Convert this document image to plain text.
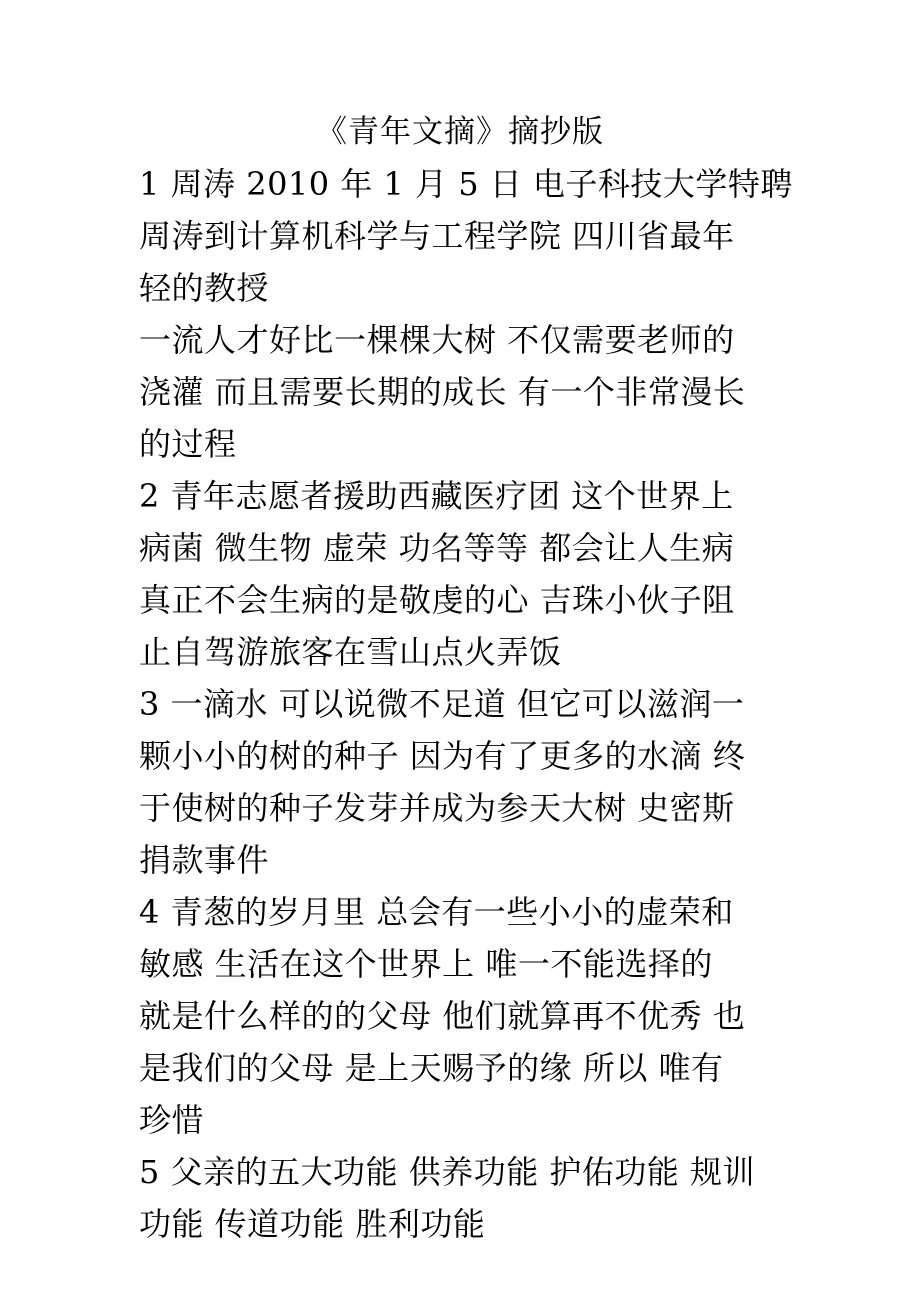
《青年文摘》摘抄版
1 周涛 2010 年 1 月 5 日 电子科技大学特聘
周涛到计算机科学与工程学院 四川省最年
轻的教授
一流人才好比一棵棵大树 不仅需要老师的
浇灌 而且需要长期的成长 有一个非常漫长
的过程
2 青年志愿者援助西藏医疗团 这个世界上
病菌 微生物 虚荣 功名等等 都会让人生病
真正不会生病的是敬虔的心 吉珠小伙子阻
止自驾游旅客在雪山点火弄饭
3 一滴水 可以说微不足道 但它可以滋润一
颗小小的树的种子 因为有了更多的水滴 终
于使树的种子发芽并成为参天大树 史密斯
捐款事件
4 青葱的岁月里 总会有一些小小的虚荣和
敏感 生活在这个世界上 唯一不能选择的
就是什么样的的父母 他们就算再不优秀 也
是我们的父母 是上天赐予的缘 所以 唯有
珍惜
5 父亲的五大功能 供养功能 护佑功能 规训
功能 传道功能 胜利功能
